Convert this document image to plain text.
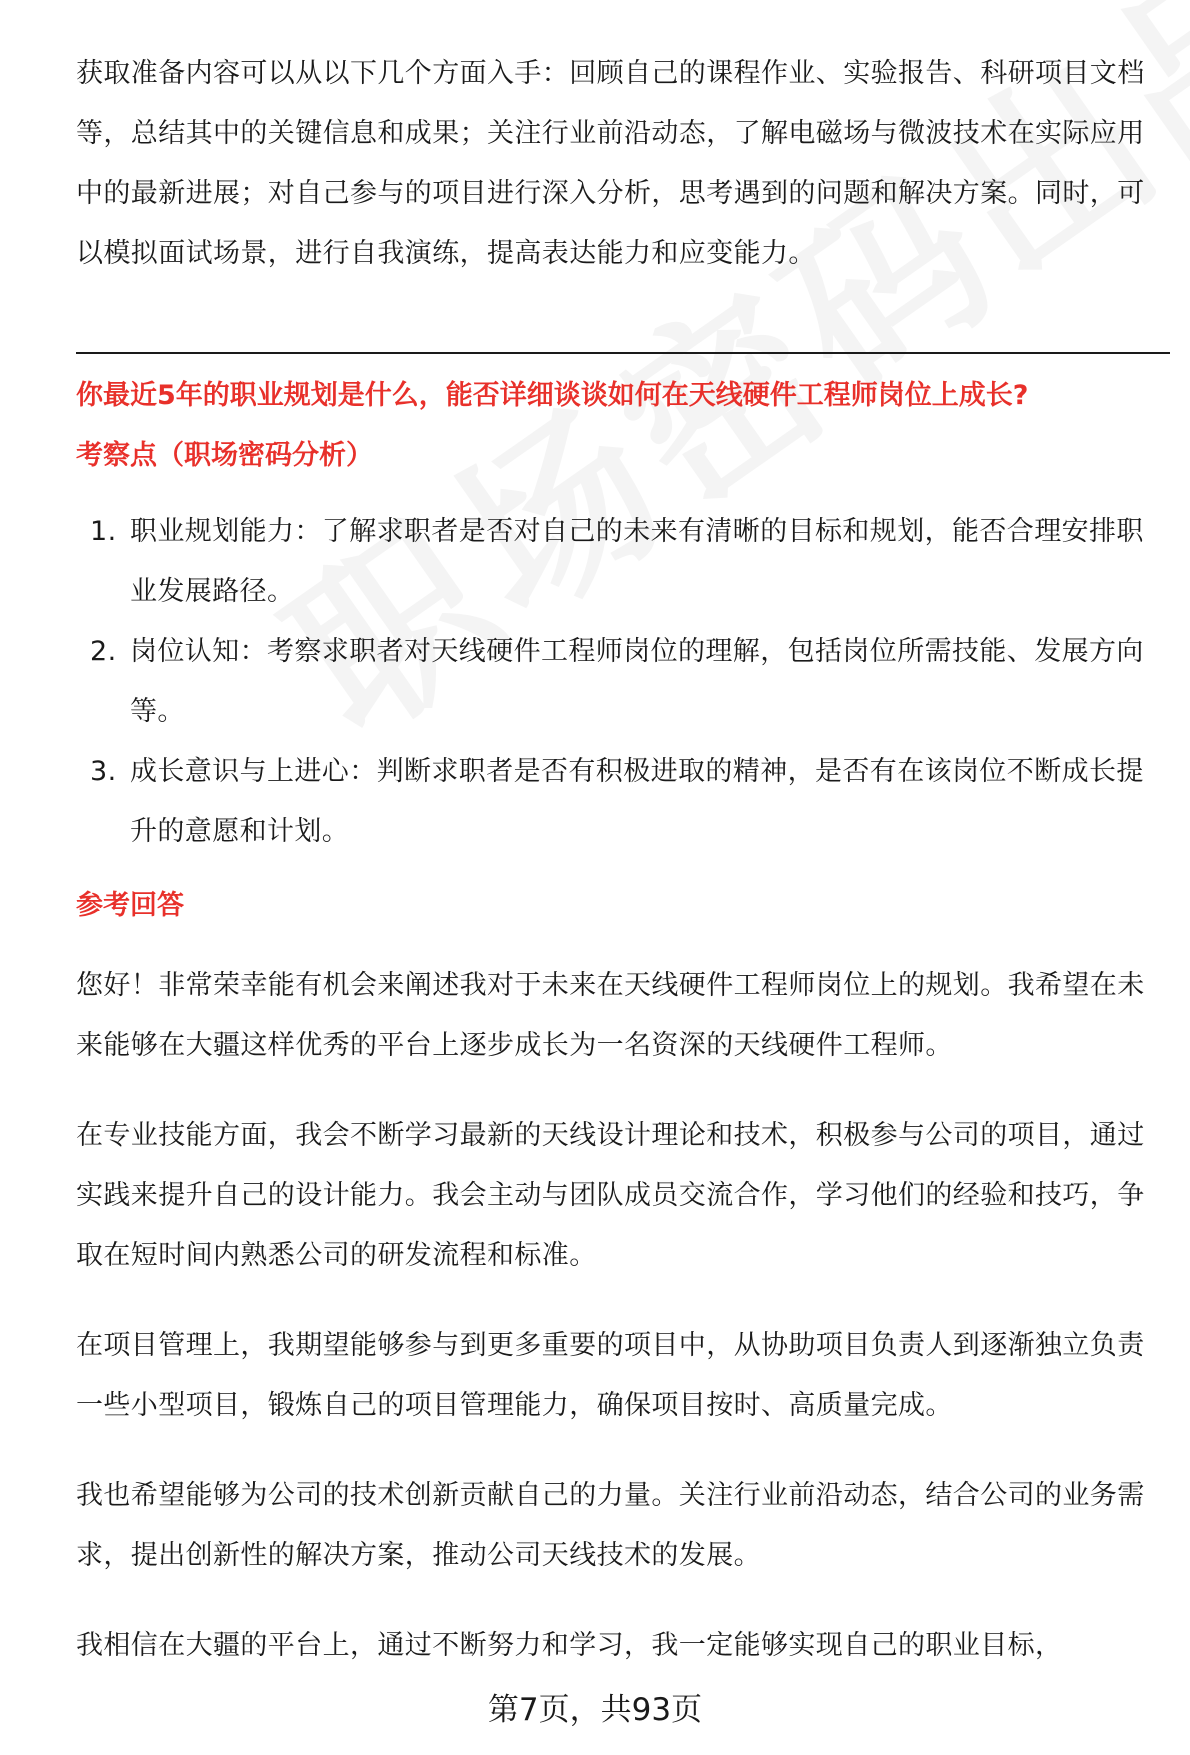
获取准备内容可以从以下几个方面入手：回顾自己的课程作业、实验报告、科研项目文档等，总结其中的关键信息和成果；关注行业前沿动态，了解电磁场与微波技术在实际应用中的最新进展；对自己参与的项目进行深入分析，思考遇到的问题和解决方案。同时，可以模拟面试场景，进行自我演练，提高表达能力和应变能力。

你最近5年的职业规划是什么，能否详细谈谈如何在天线硬件工程师岗位上成长?
考察点（职场密码分析）
1. 职业规划能力：了解求职者是否对自己的未来有清晰的目标和规划，能否合理安排职业发展路径。
2. 岗位认知：考察求职者对天线硬件工程师岗位的理解，包括岗位所需技能、发展方向等。
3. 成长意识与上进心：判断求职者是否有积极进取的精神，是否有在该岗位不断成长提升的意愿和计划。
参考回答

您好！非常荣幸能有机会来阐述我对于未来在天线硬件工程师岗位上的规划。我希望在未来能够在大疆这样优秀的平台上逐步成长为一名资深的天线硬件工程师。

在专业技能方面，我会不断学习最新的天线设计理论和技术，积极参与公司的项目，通过实践来提升自己的设计能力。我会主动与团队成员交流合作，学习他们的经验和技巧，争取在短时间内熟悉公司的研发流程和标准。

在项目管理上，我期望能够参与到更多重要的项目中，从协助项目负责人到逐渐独立负责一些小型项目，锻炼自己的项目管理能力，确保项目按时、高质量完成。

我也希望能够为公司的技术创新贡献自己的力量。关注行业前沿动态，结合公司的业务需求，提出创新性的解决方案，推动公司天线技术的发展。

我相信在大疆的平台上，通过不断努力和学习，我一定能够实现自己的职业目标，

第7页，共93页
